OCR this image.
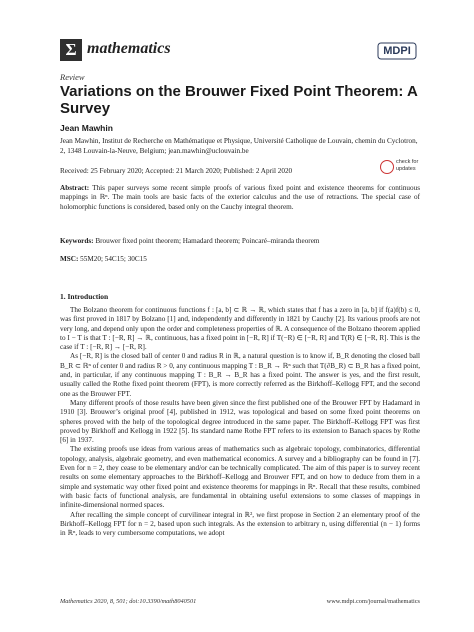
Σ mathematics	MDPI
Review
Variations on the Brouwer Fixed Point Theorem: A Survey
Jean Mawhin
Jean Mawhin, Institut de Recherche en Mathématique et Physique, Université Catholique de Louvain, chemin du Cyclotron, 2, 1348 Louvain-la-Neuve, Belgium; jean.mawhin@uclouvain.be
check for updates
Received: 25 February 2020; Accepted: 21 March 2020; Published: 2 April 2020
Abstract: This paper surveys some recent simple proofs of various fixed point and existence theorems for continuous mappings in ℝⁿ. The main tools are basic facts of the exterior calculus and the use of retractions. The special case of holomorphic functions is considered, based only on the Cauchy integral theorem.
Keywords: Brouwer fixed point theorem; Hamadard theorem; Poincaré–miranda theorem
MSC: 55M20; 54C15; 30C15
1. Introduction

The Bolzano theorem for continuous functions f : [a, b] ⊂ ℝ → ℝ, which states that f has a zero in [a, b] if f(a)f(b) ≤ 0, was first proved in 1817 by Bolzano [1] and, independently and differently in 1821 by Cauchy [2]. Its various proofs are not very long, and depend only upon the order and completeness properties of ℝ. A consequence of the Bolzano theorem applied to I − T is that T : [−R, R] → ℝ, continuous, has a fixed point in [−R, R] if T(−R) ∈ [−R, R] and T(R) ∈ [−R, R]. This is the case if T : [−R, R] → [−R, R].

As [−R, R] is the closed ball of center 0 and radius R in ℝ, a natural question is to know if, B_R denoting the closed ball B_R ⊂ ℝⁿ of center 0 and radius R > 0, any continuous mapping T : B_R → ℝⁿ such that T(∂B_R) ⊂ B_R has a fixed point, and, in particular, if any continuous mapping T : B_R → B_R has a fixed point. The answer is yes, and the first result, usually called the Rothe fixed point theorem (FPT), is more correctly referred as the Birkhoff–Kellogg FPT, and the second one as the Brouwer FPT.

Many different proofs of those results have been given since the first published one of the Brouwer FPT by Hadamard in 1910 [3]. Brouwer’s original proof [4], published in 1912, was topological and based on some fixed point theorems on spheres proved with the help of the topological degree introduced in the same paper. The Birkhoff–Kellogg FPT was first proved by Birkhoff and Kellogg in 1922 [5]. Its standard name Rothe FPT refers to its extension to Banach spaces by Rothe [6] in 1937.

The existing proofs use ideas from various areas of mathematics such as algebraic topology, combinatorics, differential topology, analysis, algebraic geometry, and even mathematical economics. A survey and a bibliography can be found in [7]. Even for n = 2, they cease to be elementary and/or can be technically complicated. The aim of this paper is to survey recent results on some elementary approaches to the Birkhoff–Kellogg and Brouwer FPT, and on how to deduce from them in a simple and systematic way other fixed point and existence theorems for mappings in ℝⁿ. Recall that these results, combined with basic facts of functional analysis, are fundamental in obtaining useful extensions to some classes of mappings in infinite-dimensional normed spaces.

After recalling the simple concept of curvilinear integral in ℝ², we first propose in Section 2 an elementary proof of the Birkhoff–Kellogg FPT for n = 2, based upon such integrals. As the extension to arbitrary n, using differential (n − 1) forms in ℝⁿ, leads to very cumbersome computations, we adopt

Mathematics 2020, 8, 501; doi:10.3390/math8040501	www.mdpi.com/journal/mathematics
